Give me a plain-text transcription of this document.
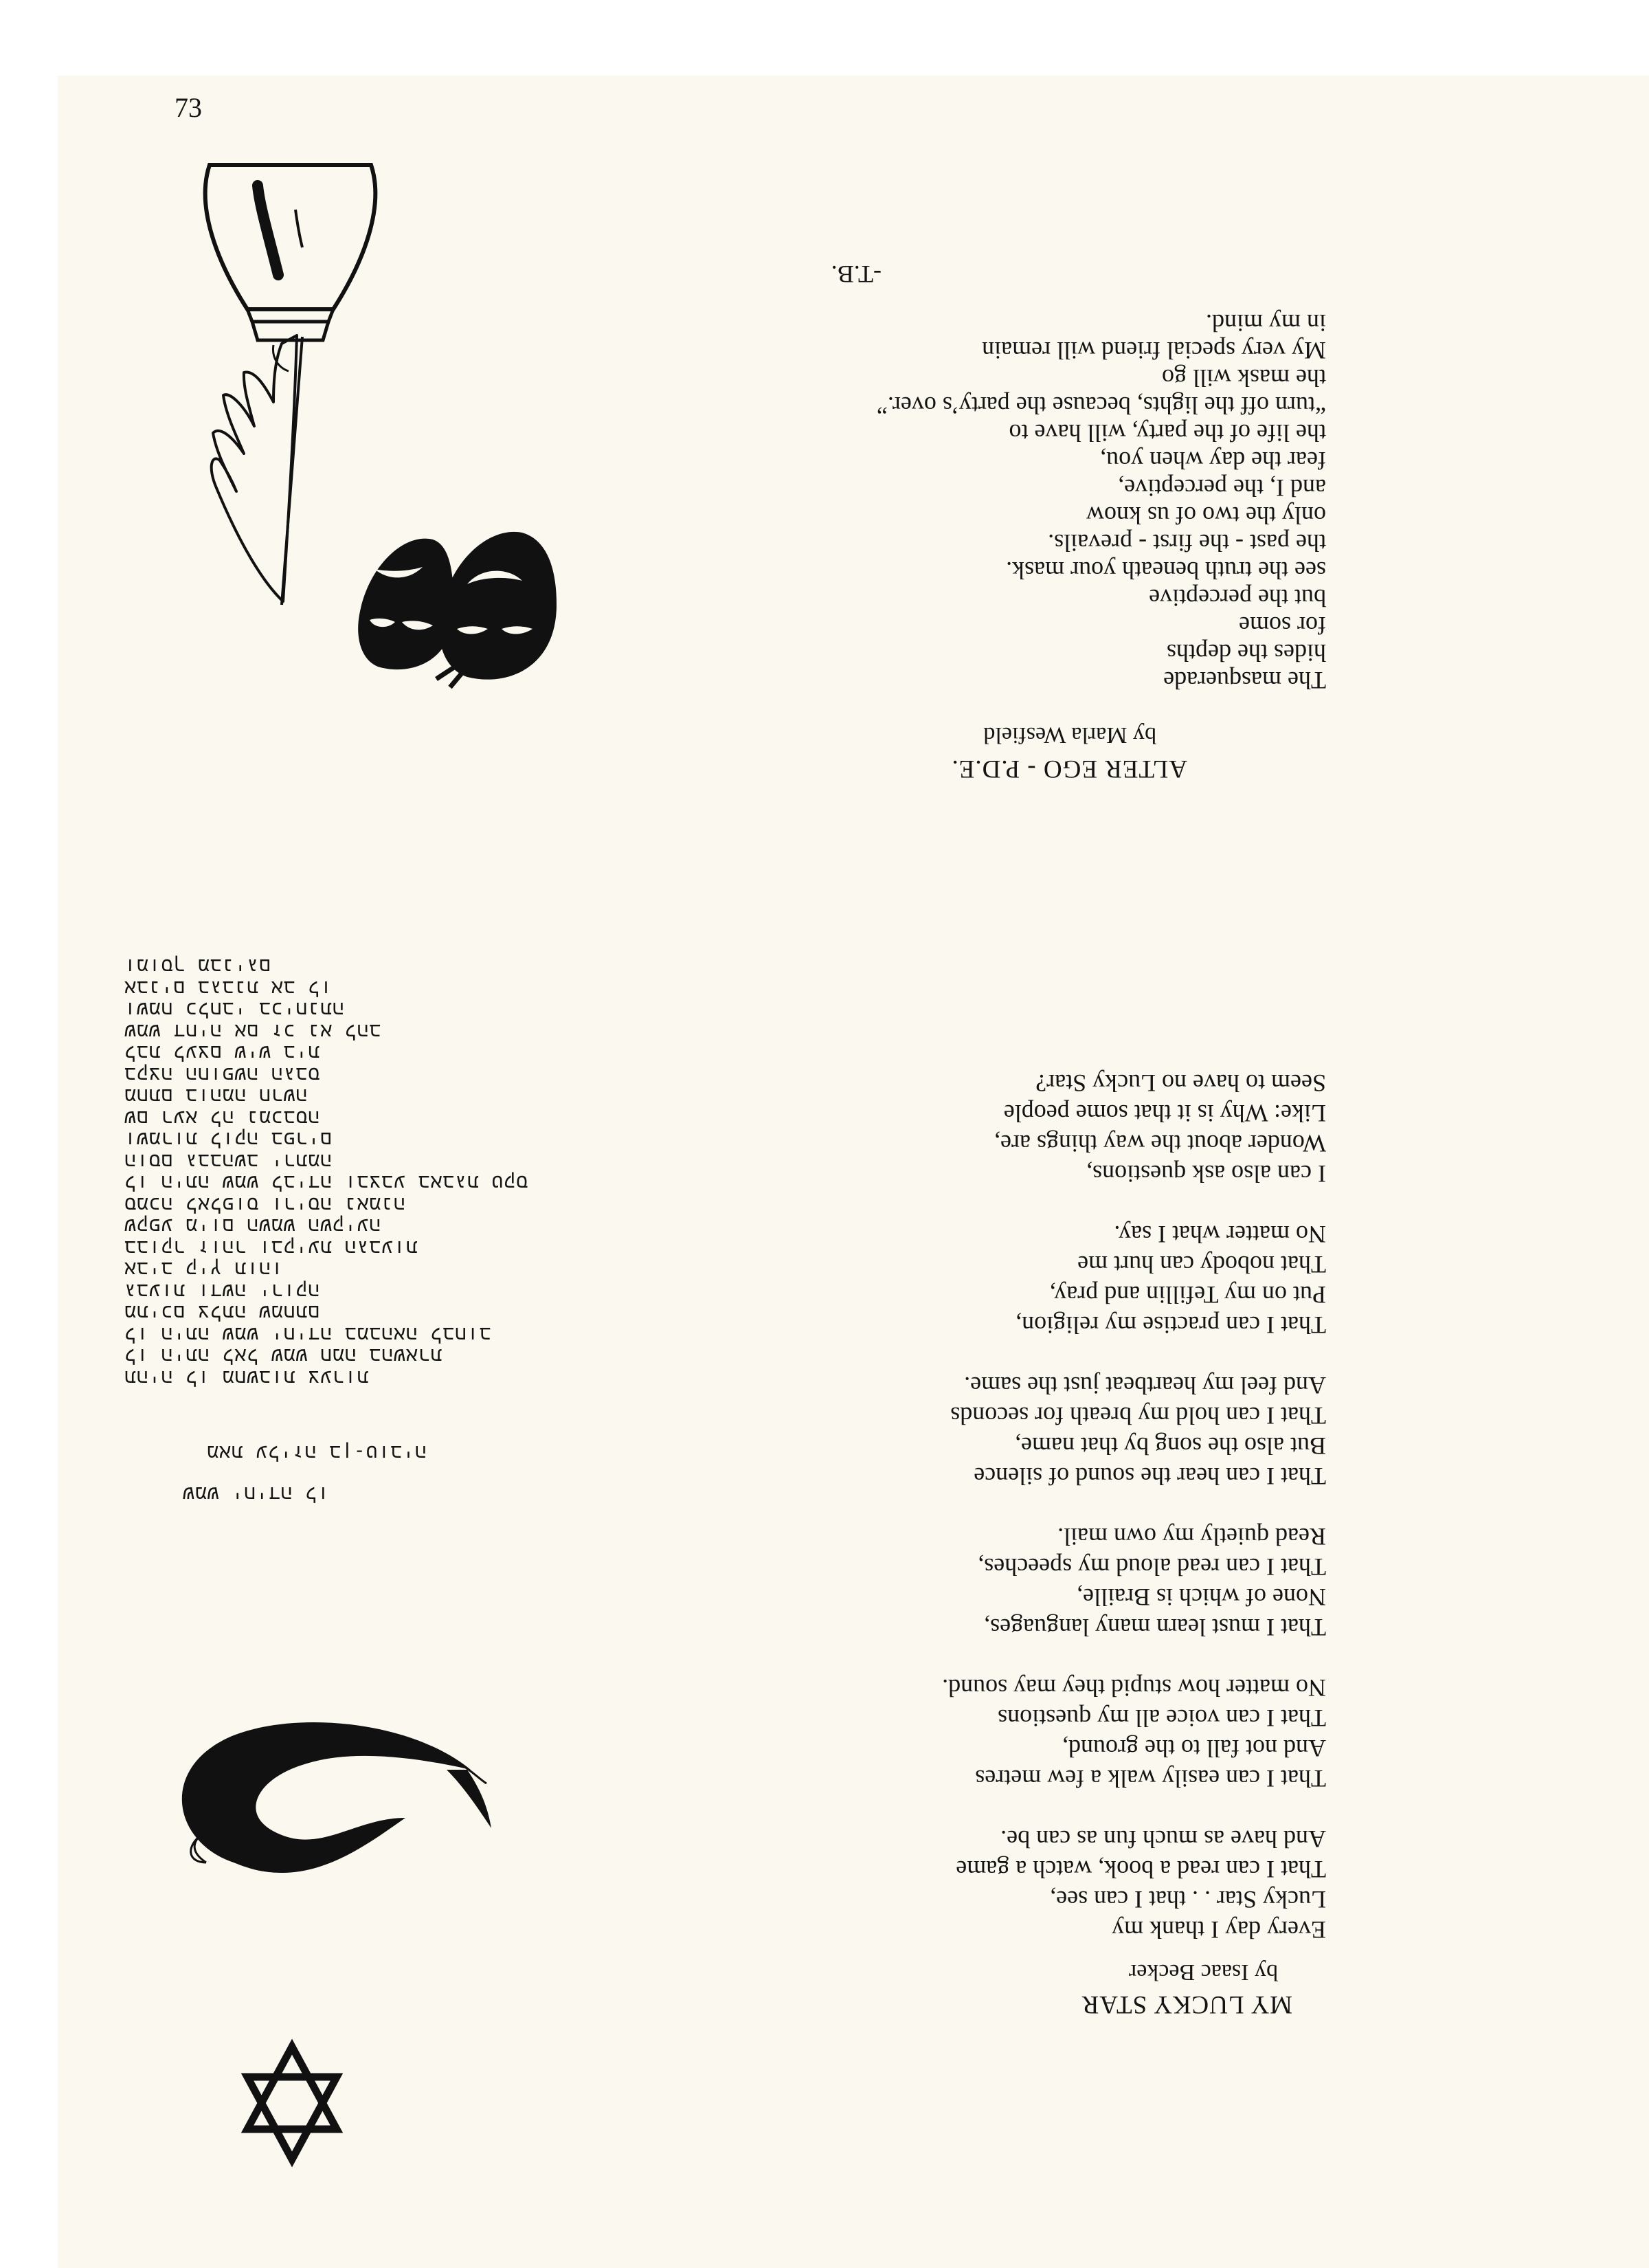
73
MY LUCKY STAR
by Isaac Becker
Every day I thank my
Lucky Star . . that I can see,
That I can read a book, watch a game
And have as much fun as can be.
That I can easily walk a few metres
And not fall to the ground,
That I can voice all my questions
No matter how stupid they may sound.
That I must learn many languages,
None of which is Braille,
That I can read aloud my speeches,
Read quietly my own mail.
That I can hear the sound of silence
But also the song by that name,
That I can hold my breath for seconds
And feel my heartbeat just the same.
That I can practise my religion,
Put on my Tefillin and pray,
That nobody can hurt me
No matter what I say.
I can also ask questions,
Wonder about the way things are,
Like: Why is it that some people
Seem to have no Lucky Star?
ALTER EGO - P.D.E.
by Marla Wesfield
The masquerade
hides the depths
for some
but the perceptive
see the truth beneath your mask.
the past - the first - prevails.
only the two of us know
and I, the perceptive,
fear the day when you,
the life of the party, will have to
“turn off the lights, because the party’s over.”
the mask will go
My very special friend will remain
in my mind.
-T.B.
שמש יחידה לו
מאת עליזה בן-טוביה
תהיה לו מחשבות צערות
לו היתה לאל שמש חמה בהשארת
לו היתה שמש יחידה במבהאה לבחוב
מתיכם צלתה שמחתם
גבעות ודשה ירוקה
אביב קיץ תוהו
בבוקר זוהר ובקיעת הגבעות
שקפע מיום השמש השקיעה
סמכה לאלפוס וריסה נאמנה
לו היתה שמש לבידה ובצבע באבגת טקס
הוסם גבבהשב ירתמה
ושמרות לוקה בפרים
שם רעא לה נמכבסה
מחתם בוהמה חרשה
בקצה החופשה הגבס
לבת לעצם שיש בית
שמש דחיה אם זכ נא להב
ושמח כלחבי בכיחנתה
אבנים בגבנת אב לו
ומוסך מבניגם
